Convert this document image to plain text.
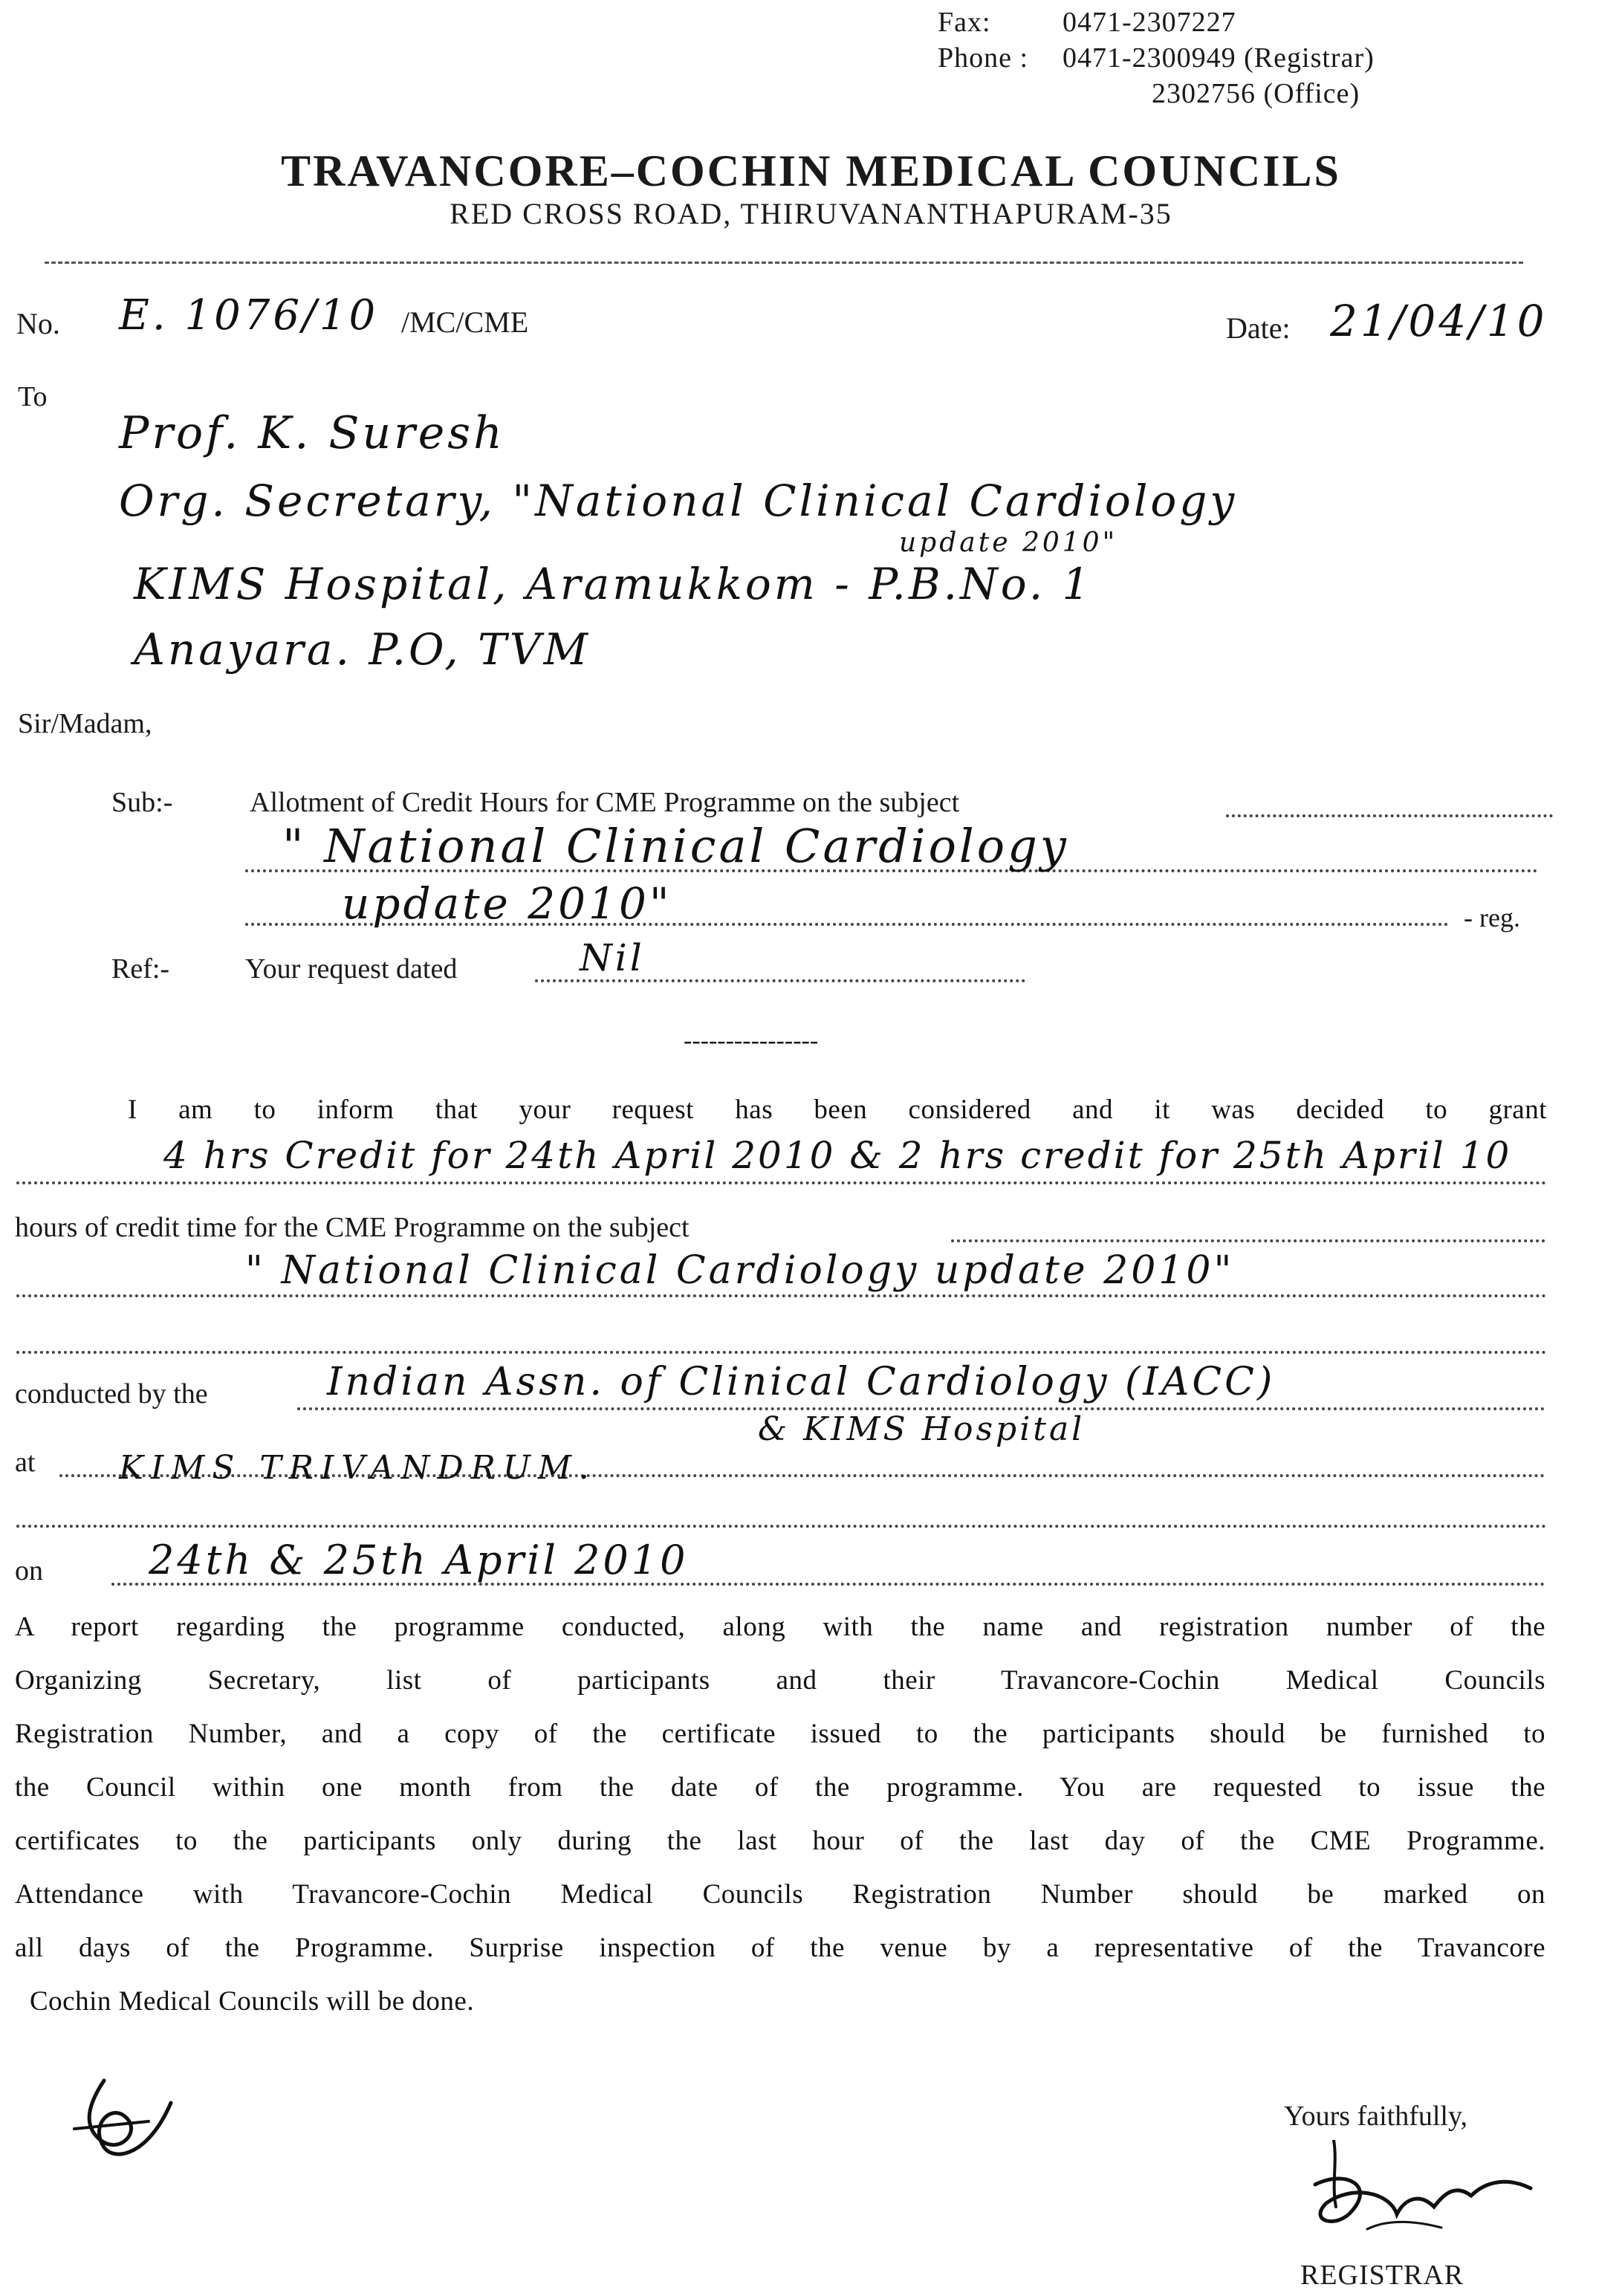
Fax:	0471-2307227
Phone :	0471-2300949 (Registrar)
2302756 (Office)
TRAVANCORE–COCHIN MEDICAL COUNCILS
RED CROSS ROAD, THIRUVANANTHAPURAM-35
No. E. 1076/10 /MC/CME	Date: 21/04/10
To
Prof. K. Suresh
Org. Secretary, "National Clinical Cardiology
update 2010"
KIMS Hospital, Aramukkom - P.B.No. 1
Anayara. P.O, TVM
Sir/Madam,
Sub:-	Allotment of Credit Hours for CME Programme on the subject
" National Clinical Cardiology
update 2010"	- reg.
Ref:-	Your request dated	Nil
----------------
I am to inform that your request has been considered and it was decided to grant
4 hrs Credit for 24th April 2010 & 2 hrs credit for 25th April 10
hours of credit time for the CME Programme on the subject
" National Clinical Cardiology update 2010"
conducted by the	Indian Assn. of Clinical Cardiology (IACC)
& KIMS Hospital
at	KIMS TRIVANDRUM.
on	24th & 25th April 2010
A report regarding the programme conducted, along with the name and registration number of the
Organizing Secretary, list of participants and their Travancore-Cochin Medical Councils
Registration Number, and a copy of the certificate issued to the participants should be furnished to
the Council within one month from the date of the programme. You are requested to issue the
certificates to the participants only during the last hour of the last day of the CME Programme.
Attendance with Travancore-Cochin Medical Councils Registration Number should be marked on
all days of the Programme. Surprise inspection of the venue by a representative of the Travancore
Cochin Medical Councils will be done.
Yours faithfully,
REGISTRAR
